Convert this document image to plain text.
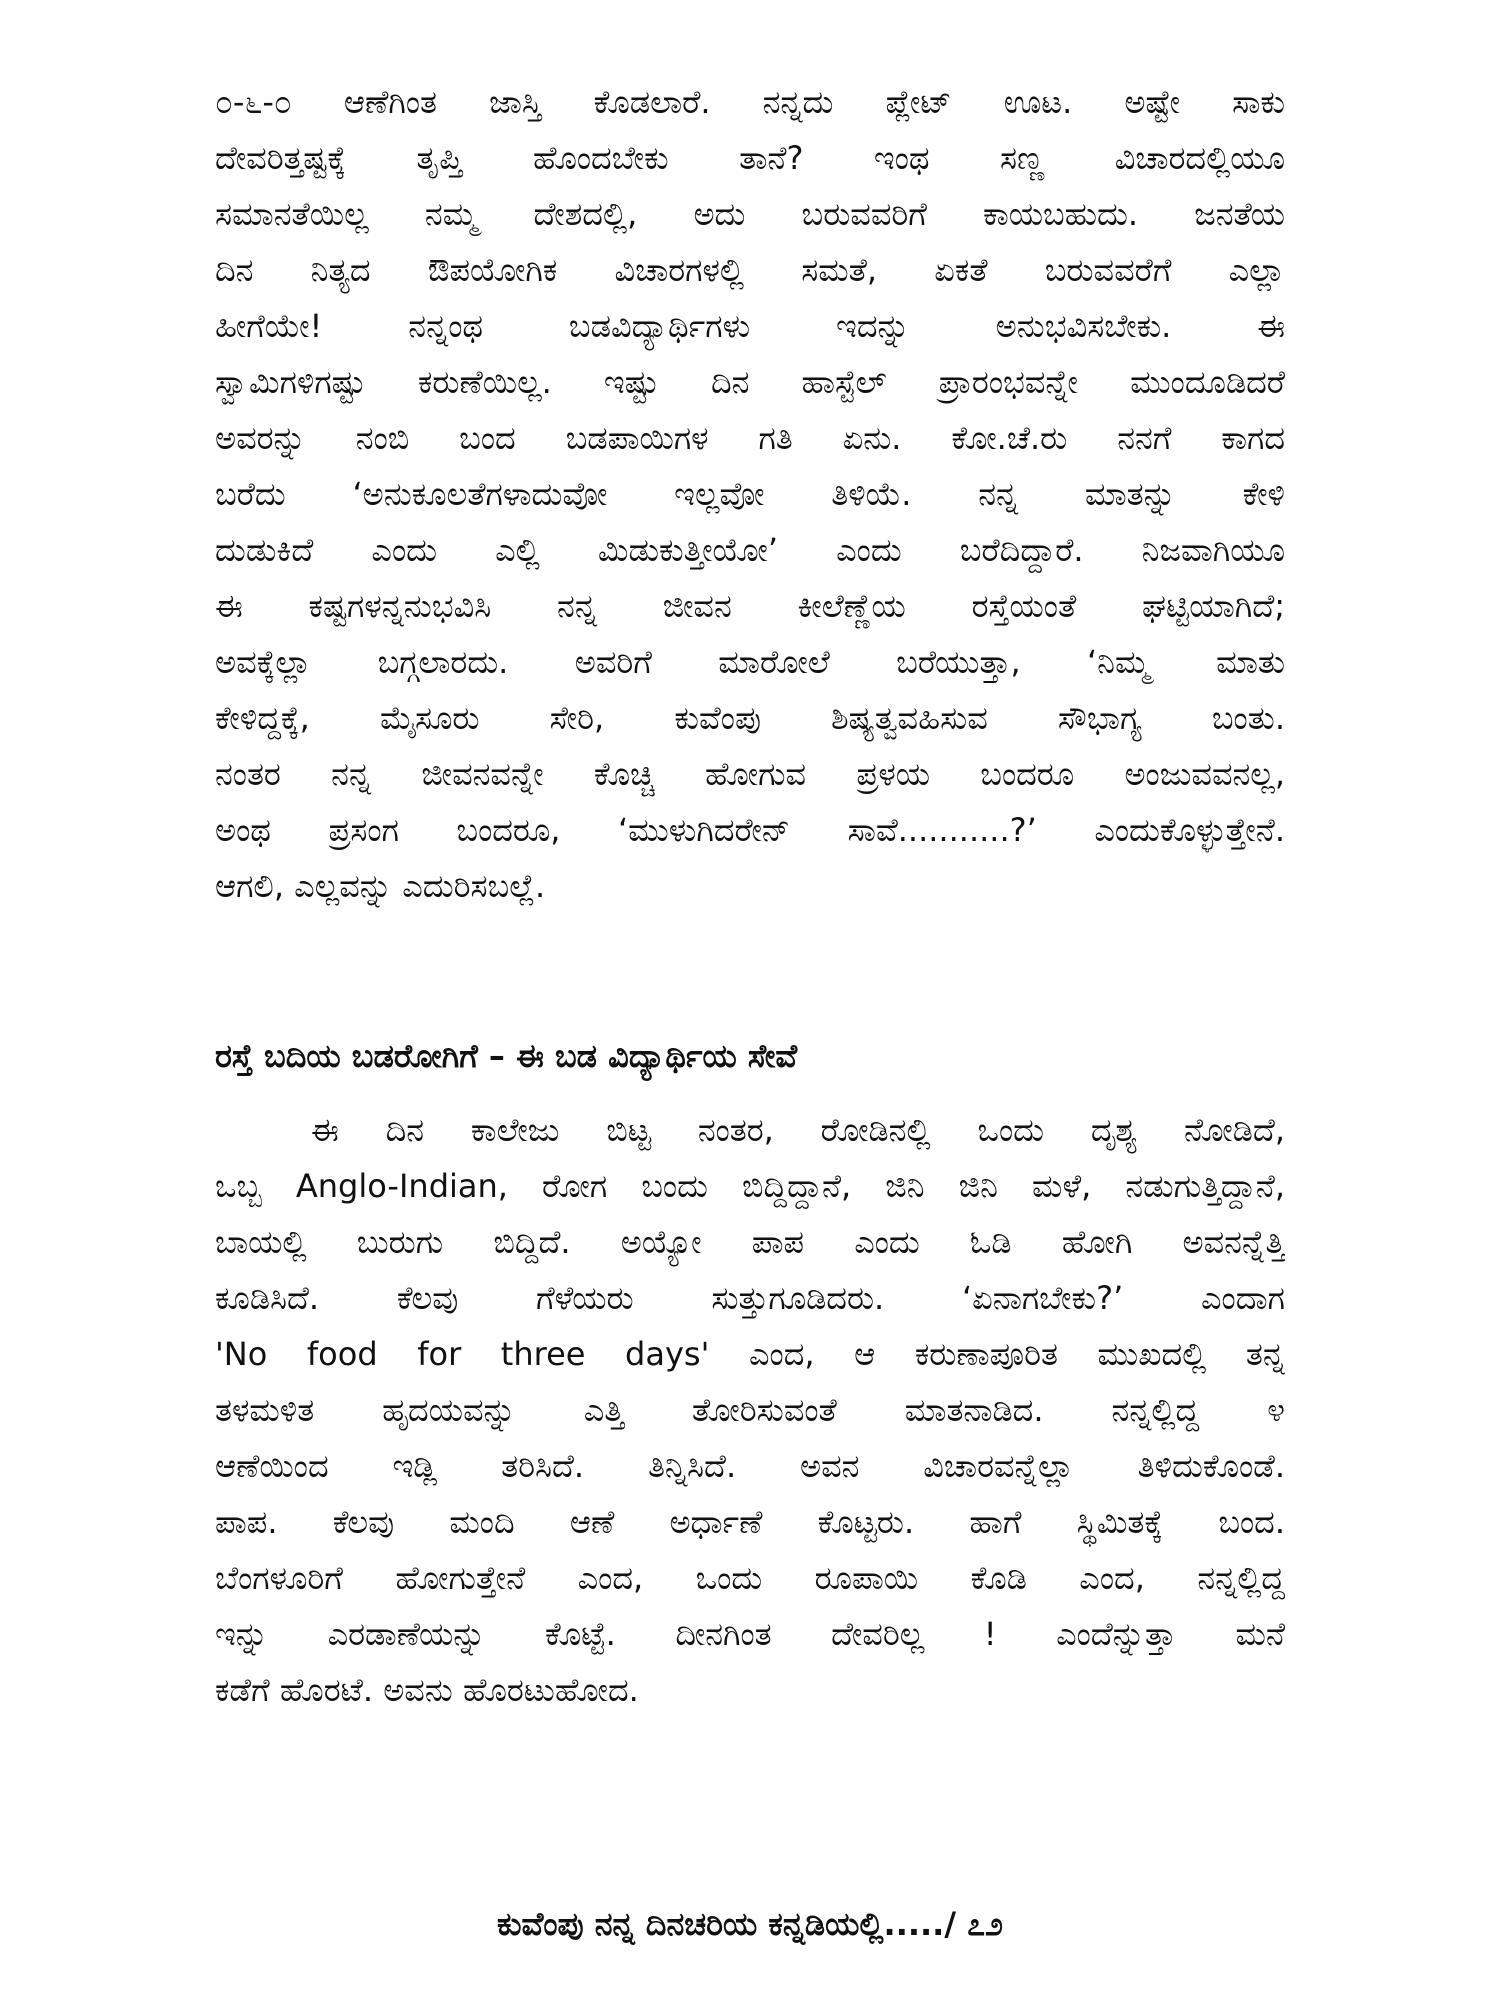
೦-೬-೦ ಆಣೆಗಿಂತ ಜಾಸ್ತಿ ಕೊಡಲಾರೆ. ನನ್ನದು ಪ್ಲೇಟ್ ಊಟ. ಅಷ್ಟೇ ಸಾಕು
ದೇವರಿತ್ತಷ್ಟಕ್ಕೆ ತೃಪ್ತಿ ಹೊಂದಬೇಕು ತಾನೆ? ಇಂಥ ಸಣ್ಣ ವಿಚಾರದಲ್ಲಿಯೂ
ಸಮಾನತೆಯಿಲ್ಲ ನಮ್ಮ ದೇಶದಲ್ಲಿ, ಅದು ಬರುವವರಿಗೆ ಕಾಯಬಹುದು. ಜನತೆಯ
ದಿನ ನಿತ್ಯದ ಔಪಯೋಗಿಕ ವಿಚಾರಗಳಲ್ಲಿ ಸಮತೆ, ಏಕತೆ ಬರುವವರೆಗೆ ಎಲ್ಲಾ
ಹೀಗೆಯೇ! ನನ್ನಂಥ ಬಡವಿದ್ಯಾರ್ಥಿಗಳು ಇದನ್ನು ಅನುಭವಿಸಬೇಕು. ಈ
ಸ್ವಾಮಿಗಳಿಗಷ್ಟು ಕರುಣೆಯಿಲ್ಲ. ಇಷ್ಟು ದಿನ ಹಾಸ್ಟೆಲ್ ಪ್ರಾರಂಭವನ್ನೇ ಮುಂದೂಡಿದರೆ
ಅವರನ್ನು ನಂಬಿ ಬಂದ ಬಡಪಾಯಿಗಳ ಗತಿ ಏನು. ಕೋ.ಚೆ.ರು ನನಗೆ ಕಾಗದ
ಬರೆದು ‘ಅನುಕೂಲತೆಗಳಾದುವೋ ಇಲ್ಲವೋ ತಿಳಿಯೆ. ನನ್ನ ಮಾತನ್ನು ಕೇಳಿ
ದುಡುಕಿದೆ ಎಂದು ಎಲ್ಲಿ ಮಿಡುಕುತ್ತೀಯೋ’ ಎಂದು ಬರೆದಿದ್ದಾರೆ. ನಿಜವಾಗಿಯೂ
ಈ ಕಷ್ಟಗಳನ್ನನುಭವಿಸಿ ನನ್ನ ಜೀವನ ಕೀಲೆಣ್ಣೆಯ ರಸ್ತೆಯಂತೆ ಘಟ್ಟಿಯಾಗಿದೆ;
ಅವಕ್ಕೆಲ್ಲಾ ಬಗ್ಗಲಾರದು. ಅವರಿಗೆ ಮಾರೋಲೆ ಬರೆಯುತ್ತಾ, ‘ನಿಮ್ಮ ಮಾತು
ಕೇಳಿದ್ದಕ್ಕೆ, ಮೈಸೂರು ಸೇರಿ, ಕುವೆಂಪು ಶಿಷ್ಯತ್ವವಹಿಸುವ ಸೌಭಾಗ್ಯ ಬಂತು.
ನಂತರ ನನ್ನ ಜೀವನವನ್ನೇ ಕೊಚ್ಚಿ ಹೋಗುವ ಪ್ರಳಯ ಬಂದರೂ ಅಂಜುವವನಲ್ಲ,
ಅಂಥ ಪ್ರಸಂಗ ಬಂದರೂ, ‘ಮುಳುಗಿದರೇನ್ ಸಾವೆ...........?’ ಎಂದುಕೊಳ್ಳುತ್ತೇನೆ.
ಆಗಲಿ, ಎಲ್ಲವನ್ನು ಎದುರಿಸಬಲ್ಲೆ.
ರಸ್ತೆ ಬದಿಯ ಬಡರೋಗಿಗೆ – ಈ ಬಡ ವಿದ್ಯಾರ್ಥಿಯ ಸೇವೆ
ಈ ದಿನ ಕಾಲೇಜು ಬಿಟ್ಟ ನಂತರ, ರೋಡಿನಲ್ಲಿ ಒಂದು ದೃಶ್ಯ ನೋಡಿದೆ,
ಒಬ್ಬ Anglo-Indian, ರೋಗ ಬಂದು ಬಿದ್ದಿದ್ದಾನೆ, ಜಿನಿ ಜಿನಿ ಮಳೆ, ನಡುಗುತ್ತಿದ್ದಾನೆ,
ಬಾಯಲ್ಲಿ ಬುರುಗು ಬಿದ್ದಿದೆ. ಅಯ್ಯೋ ಪಾಪ ಎಂದು ಓಡಿ ಹೋಗಿ ಅವನನ್ನೆತ್ತಿ
ಕೂಡಿಸಿದೆ. ಕೆಲವು ಗೆಳೆಯರು ಸುತ್ತುಗೂಡಿದರು. ‘ಏನಾಗಬೇಕು?’ ಎಂದಾಗ
'No food for three days' ಎಂದ, ಆ ಕರುಣಾಪೂರಿತ ಮುಖದಲ್ಲಿ ತನ್ನ
ತಳಮಳಿತ ಹೃದಯವನ್ನು ಎತ್ತಿ ತೋರಿಸುವಂತೆ ಮಾತನಾಡಿದ. ನನ್ನಲ್ಲಿದ್ದ ೪
ಆಣೆಯಿಂದ ಇಡ್ಲಿ ತರಿಸಿದೆ. ತಿನ್ನಿಸಿದೆ. ಅವನ ವಿಚಾರವನ್ನೆಲ್ಲಾ ತಿಳಿದುಕೊಂಡೆ.
ಪಾಪ. ಕೆಲವು ಮಂದಿ ಆಣೆ ಅರ್ಧಾಣೆ ಕೊಟ್ಟರು. ಹಾಗೆ ಸ್ಥಿಮಿತಕ್ಕೆ ಬಂದ.
ಬೆಂಗಳೂರಿಗೆ ಹೋಗುತ್ತೇನೆ ಎಂದ, ಒಂದು ರೂಪಾಯಿ ಕೊಡಿ ಎಂದ, ನನ್ನಲ್ಲಿದ್ದ
ಇನ್ನು ಎರಡಾಣೆಯನ್ನು ಕೊಟ್ಟೆ. ದೀನಗಿಂತ ದೇವರಿಲ್ಲ ! ಎಂದೆನ್ನುತ್ತಾ ಮನೆ
ಕಡೆಗೆ ಹೊರಟೆ. ಅವನು ಹೊರಟುಹೋದ.
ಕುವೆಂಪು ನನ್ನ ದಿನಚರಿಯ ಕನ್ನಡಿಯಲ್ಲಿ...../ ೭೨
